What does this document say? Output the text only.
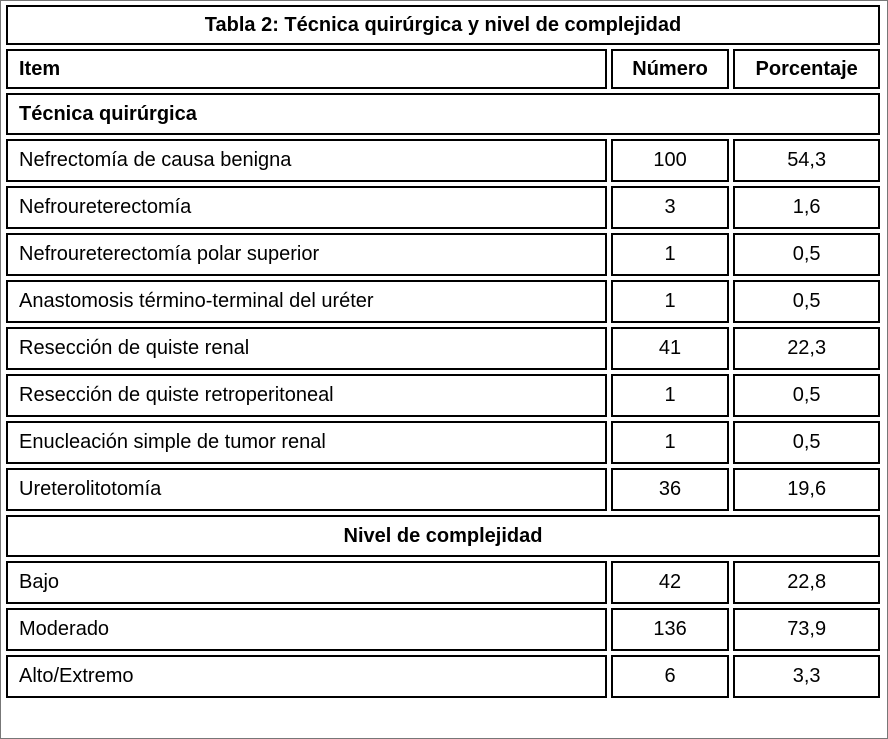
Tabla 2: Técnica quirúrgica y nivel de complejidad		
Item	Número	Porcentaje
Técnica quirúrgica		
Nefrectomía de causa benigna	100	54,3
Nefroureterectomía	3	1,6
Nefroureterectomía polar superior	1	0,5
Anastomosis término-terminal del uréter	1	0,5
Resección de quiste renal	41	22,3
Resección de quiste retroperitoneal	1	0,5
Enucleación simple de tumor renal	1	0,5
Ureterolitotomía	36	19,6
Nivel de complejidad		
Bajo	42	22,8
Moderado	136	73,9
Alto/Extremo	6	3,3
